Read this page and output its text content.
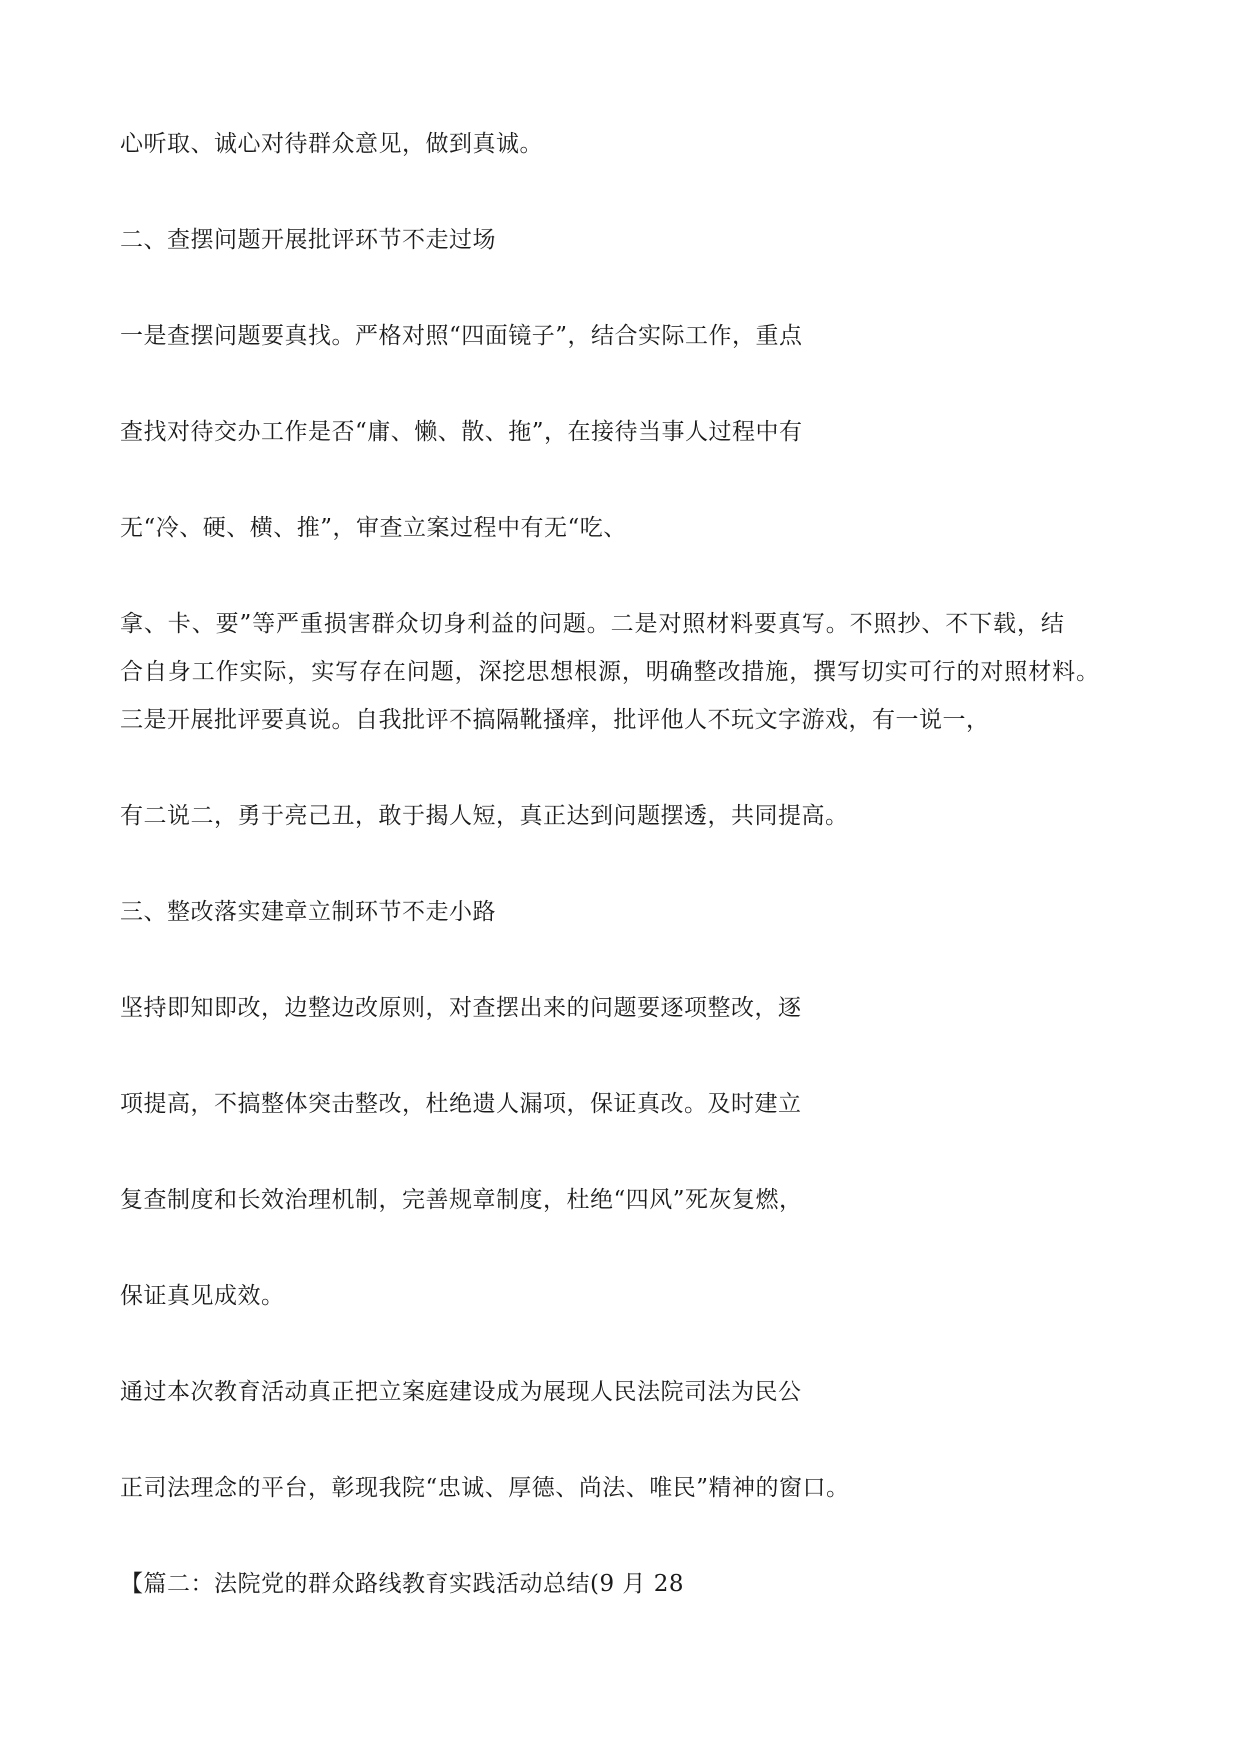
心听取、诚心对待群众意见，做到真诚。
二、查摆问题开展批评环节不走过场
一是查摆问题要真找。严格对照“四面镜子”，结合实际工作，重点
查找对待交办工作是否“庸、懒、散、拖”，在接待当事人过程中有
无“冷、硬、横、推”，审查立案过程中有无“吃、
拿、卡、要”等严重损害群众切身利益的问题。二是对照材料要真写。不照抄、不下载，结
合自身工作实际，实写存在问题，深挖思想根源，明确整改措施，撰写切实可行的对照材料。
三是开展批评要真说。自我批评不搞隔靴搔痒，批评他人不玩文字游戏，有一说一，
有二说二，勇于亮己丑，敢于揭人短，真正达到问题摆透，共同提高。
三、整改落实建章立制环节不走小路
坚持即知即改，边整边改原则，对查摆出来的问题要逐项整改，逐
项提高，不搞整体突击整改，杜绝遗人漏项，保证真改。及时建立
复查制度和长效治理机制，完善规章制度，杜绝“四风”死灰复燃，
保证真见成效。
通过本次教育活动真正把立案庭建设成为展现人民法院司法为民公
正司法理念的平台，彰现我院“忠诚、厚德、尚法、唯民”精神的窗口。
【篇二：法院党的群众路线教育实践活动总结(9 月 28
